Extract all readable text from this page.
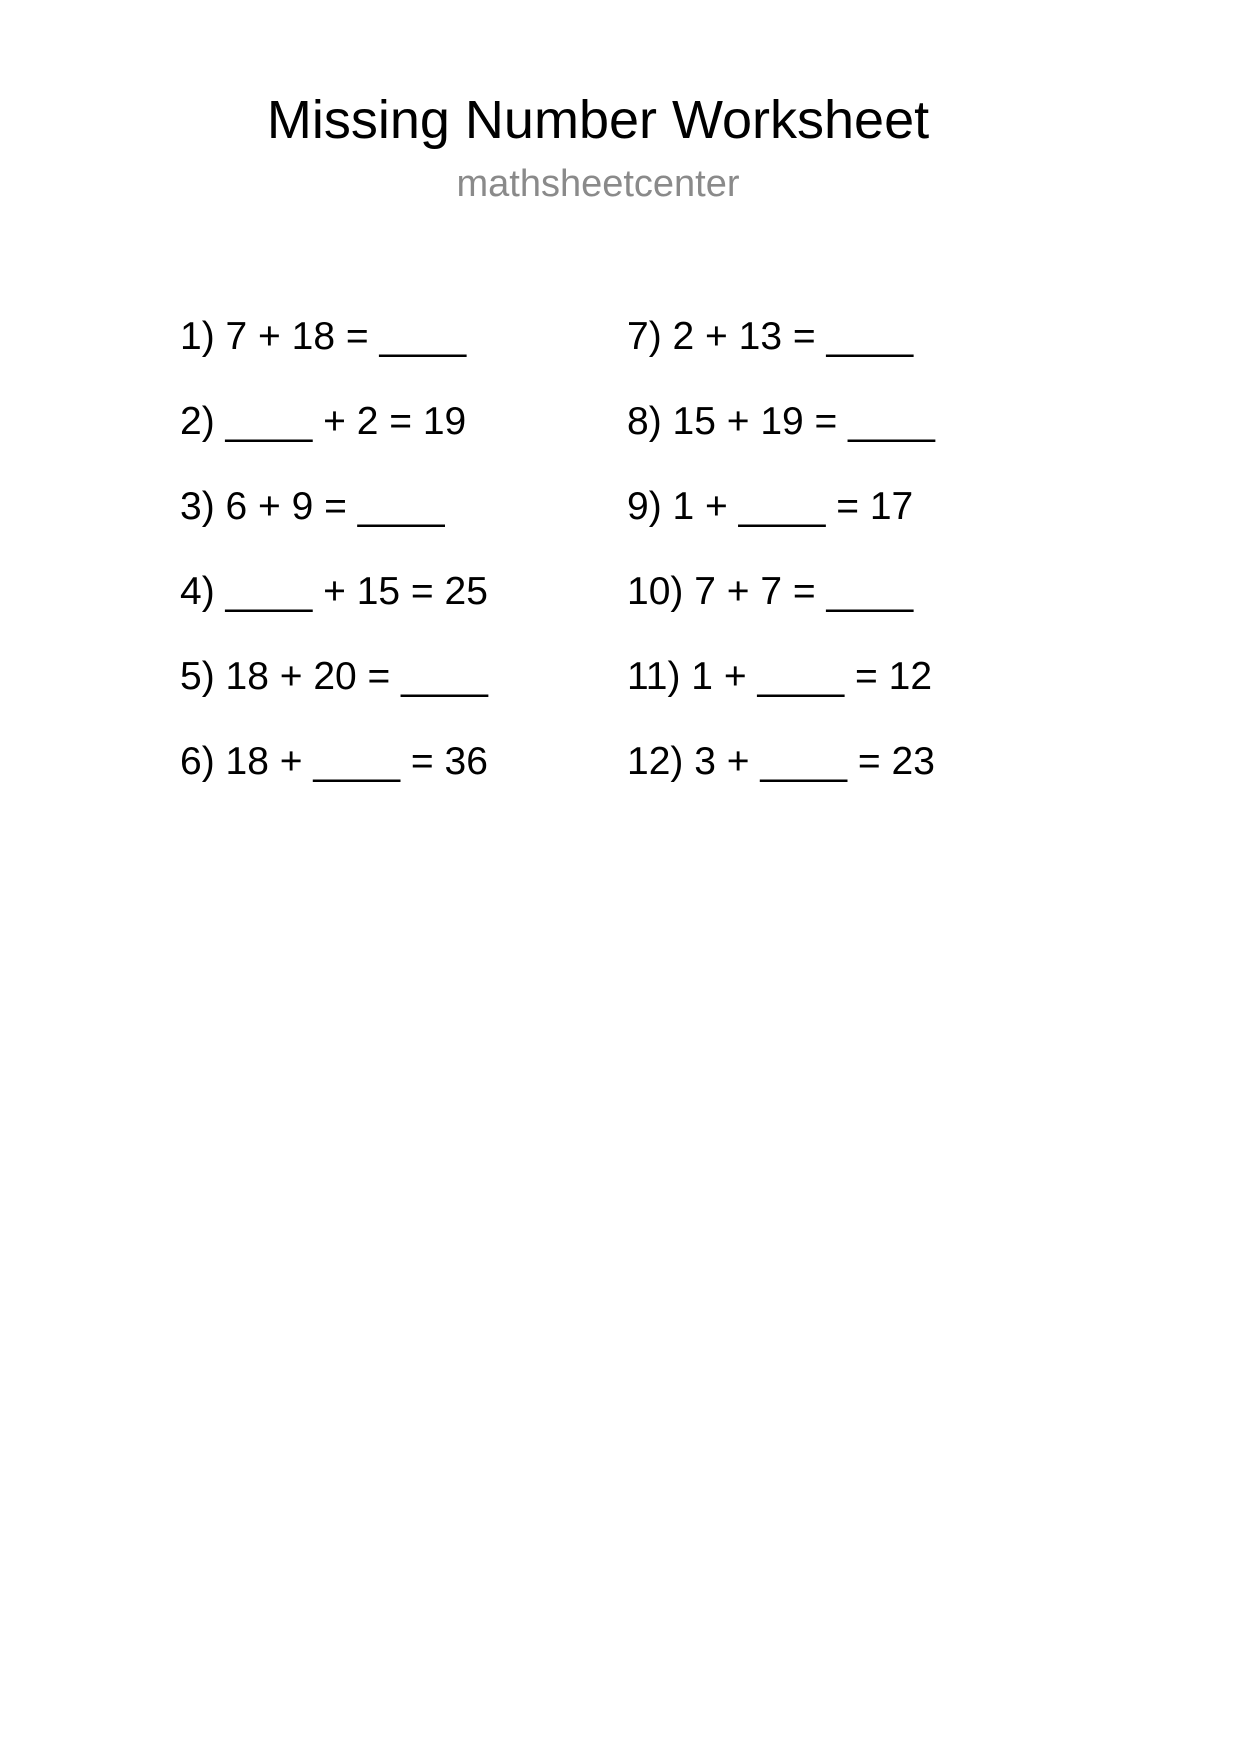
Missing Number Worksheet
mathsheetcenter
1) 7 + 18 = ____
2) ____ + 2 = 19
3) 6 + 9 = ____
4) ____ + 15 = 25
5) 18 + 20 = ____
6) 18 + ____ = 36
7) 2 + 13 = ____
8) 15 + 19 = ____
9) 1 + ____ = 17
10) 7 + 7 = ____
11) 1 + ____ = 12
12) 3 + ____ = 23
